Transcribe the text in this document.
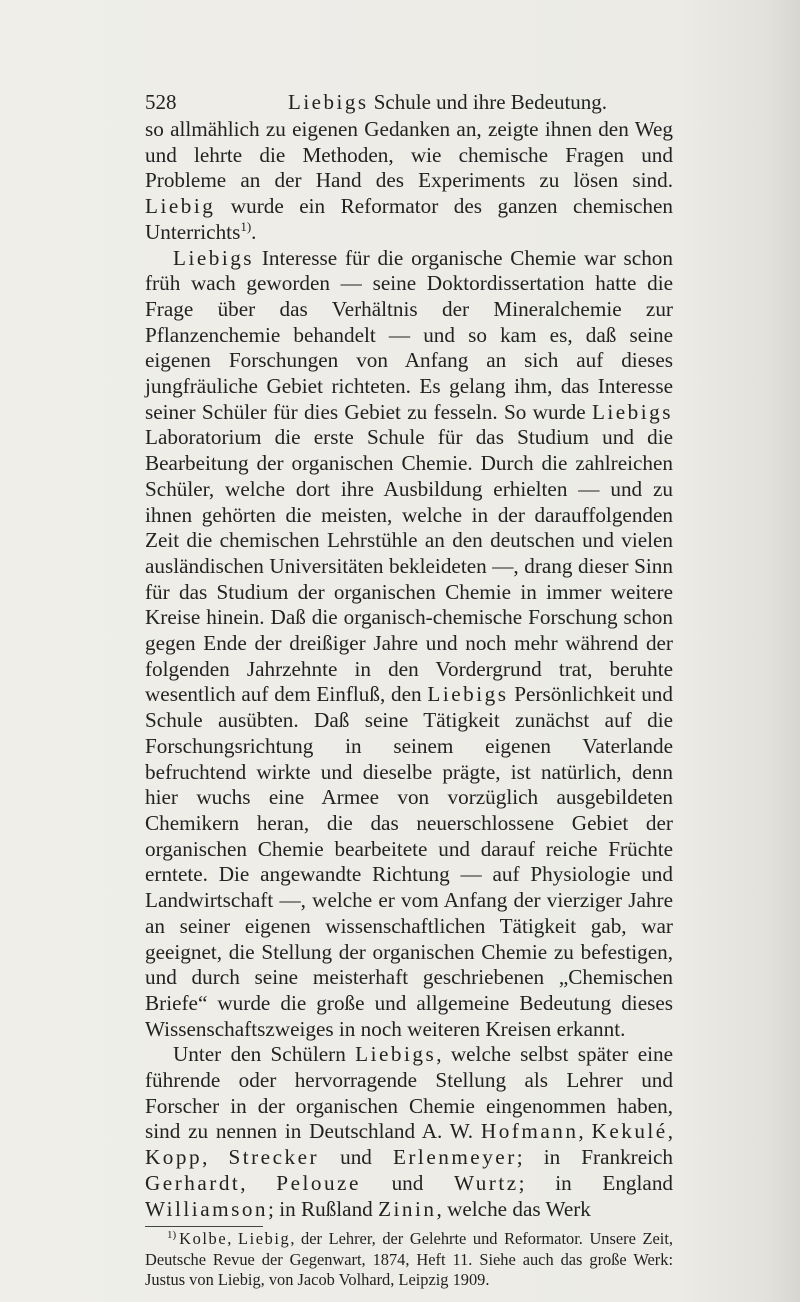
528	Liebigs Schule und ihre Bedeutung.

so allmählich zu eigenen Gedanken an, zeigte ihnen den Weg und lehrte die Methoden, wie chemische Fragen und Probleme an der Hand des Experiments zu lösen sind. Liebig wurde ein Reformator des ganzen chemischen Unterrichts$^{1)}$.

Liebigs Interesse für die organische Chemie war schon früh wach geworden — seine Doktordissertation hatte die Frage über das Verhältnis der Mineralchemie zur Pflanzenchemie behandelt — und so kam es, daß seine eigenen Forschungen von Anfang an sich auf dieses jungfräuliche Gebiet richteten. Es gelang ihm, das Interesse seiner Schüler für dies Gebiet zu fesseln. So wurde Liebigs Laboratorium die erste Schule für das Studium und die Bearbeitung der organischen Chemie. Durch die zahlreichen Schüler, welche dort ihre Ausbildung erhielten — und zu ihnen gehörten die meisten, welche in der darauffolgenden Zeit die chemischen Lehrstühle an den deutschen und vielen ausländischen Universitäten bekleideten —, drang dieser Sinn für das Studium der organischen Chemie in immer weitere Kreise hinein. Daß die organisch-chemische Forschung schon gegen Ende der dreißiger Jahre und noch mehr während der folgenden Jahrzehnte in den Vordergrund trat, beruhte wesentlich auf dem Einfluß, den Liebigs Persönlichkeit und Schule ausübten. Daß seine Tätigkeit zunächst auf die Forschungsrichtung in seinem eigenen Vaterlande befruchtend wirkte und dieselbe prägte, ist natürlich, denn hier wuchs eine Armee von vorzüglich ausgebildeten Chemikern heran, die das neuerschlossene Gebiet der organischen Chemie bearbeitete und darauf reiche Früchte erntete. Die angewandte Richtung — auf Physiologie und Landwirtschaft —, welche er vom Anfang der vierziger Jahre an seiner eigenen wissenschaftlichen Tätigkeit gab, war geeignet, die Stellung der organischen Chemie zu befestigen, und durch seine meisterhaft geschriebenen „Chemischen Briefe“ wurde die große und allgemeine Bedeutung dieses Wissenschaftszweiges in noch weiteren Kreisen erkannt.

Unter den Schülern Liebigs, welche selbst später eine führende oder hervorragende Stellung als Lehrer und Forscher in der organischen Chemie eingenommen haben, sind zu nennen in Deutschland A. W. Hofmann, Kekulé, Kopp, Strecker und Erlenmeyer; in Frankreich Gerhardt, Pelouze und Wurtz; in England Williamson; in Rußland Zinin, welche das Werk

$^{1)}$ Kolbe, Liebig, der Lehrer, der Gelehrte und Reformator. Unsere Zeit, Deutsche Revue der Gegenwart, 1874, Heft 11. Siehe auch das große Werk: Justus von Liebig, von Jacob Volhard, Leipzig 1909.
